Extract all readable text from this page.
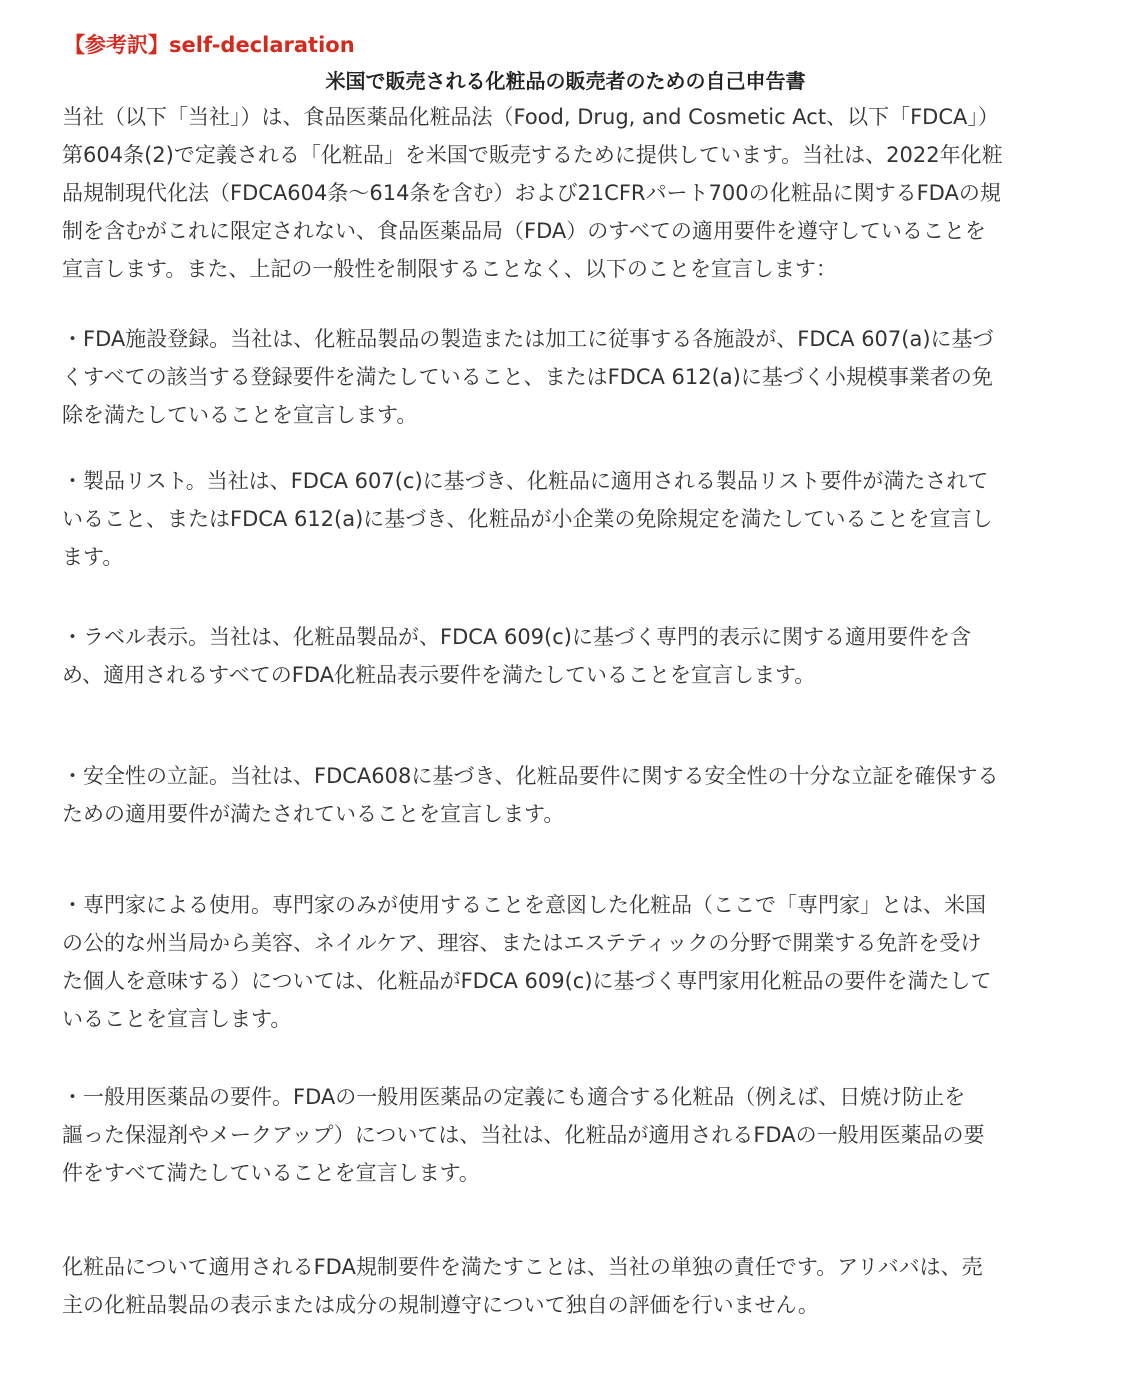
【参考訳】self-declaration
米国で販売される化粧品の販売者のための自己申告書
当社（以下「当社」）は、食品医薬品化粧品法（Food, Drug, and Cosmetic Act、以下「FDCA」）
第604条(2)で定義される「化粧品」を米国で販売するために提供しています。当社は、2022年化粧
品規制現代化法（FDCA604条〜614条を含む）および21CFRパート700の化粧品に関するFDAの規
制を含むがこれに限定されない、食品医薬品局（FDA）のすべての適用要件を遵守していることを
宣言します。また、上記の一般性を制限することなく、以下のことを宣言します：
・FDA施設登録。当社は、化粧品製品の製造または加工に従事する各施設が、FDCA 607(a)に基づ
くすべての該当する登録要件を満たしていること、またはFDCA 612(a)に基づく小規模事業者の免
除を満たしていることを宣言します。
・製品リスト。当社は、FDCA 607(c)に基づき、化粧品に適用される製品リスト要件が満たされて
いること、またはFDCA 612(a)に基づき、化粧品が小企業の免除規定を満たしていることを宣言し
ます。
・ラベル表示。当社は、化粧品製品が、FDCA 609(c)に基づく専門的表示に関する適用要件を含
め、適用されるすべてのFDA化粧品表示要件を満たしていることを宣言します。
・安全性の立証。当社は、FDCA608に基づき、化粧品要件に関する安全性の十分な立証を確保する
ための適用要件が満たされていることを宣言します。
・専門家による使用。専門家のみが使用することを意図した化粧品（ここで「専門家」とは、米国
の公的な州当局から美容、ネイルケア、理容、またはエステティックの分野で開業する免許を受け
た個人を意味する）については、化粧品がFDCA 609(c)に基づく専門家用化粧品の要件を満たして
いることを宣言します。
・一般用医薬品の要件。FDAの一般用医薬品の定義にも適合する化粧品（例えば、日焼け防止を
謳った保湿剤やメークアップ）については、当社は、化粧品が適用されるFDAの一般用医薬品の要
件をすべて満たしていることを宣言します。
化粧品について適用されるFDA規制要件を満たすことは、当社の単独の責任です。アリババは、売
主の化粧品製品の表示または成分の規制遵守について独自の評価を行いません。
